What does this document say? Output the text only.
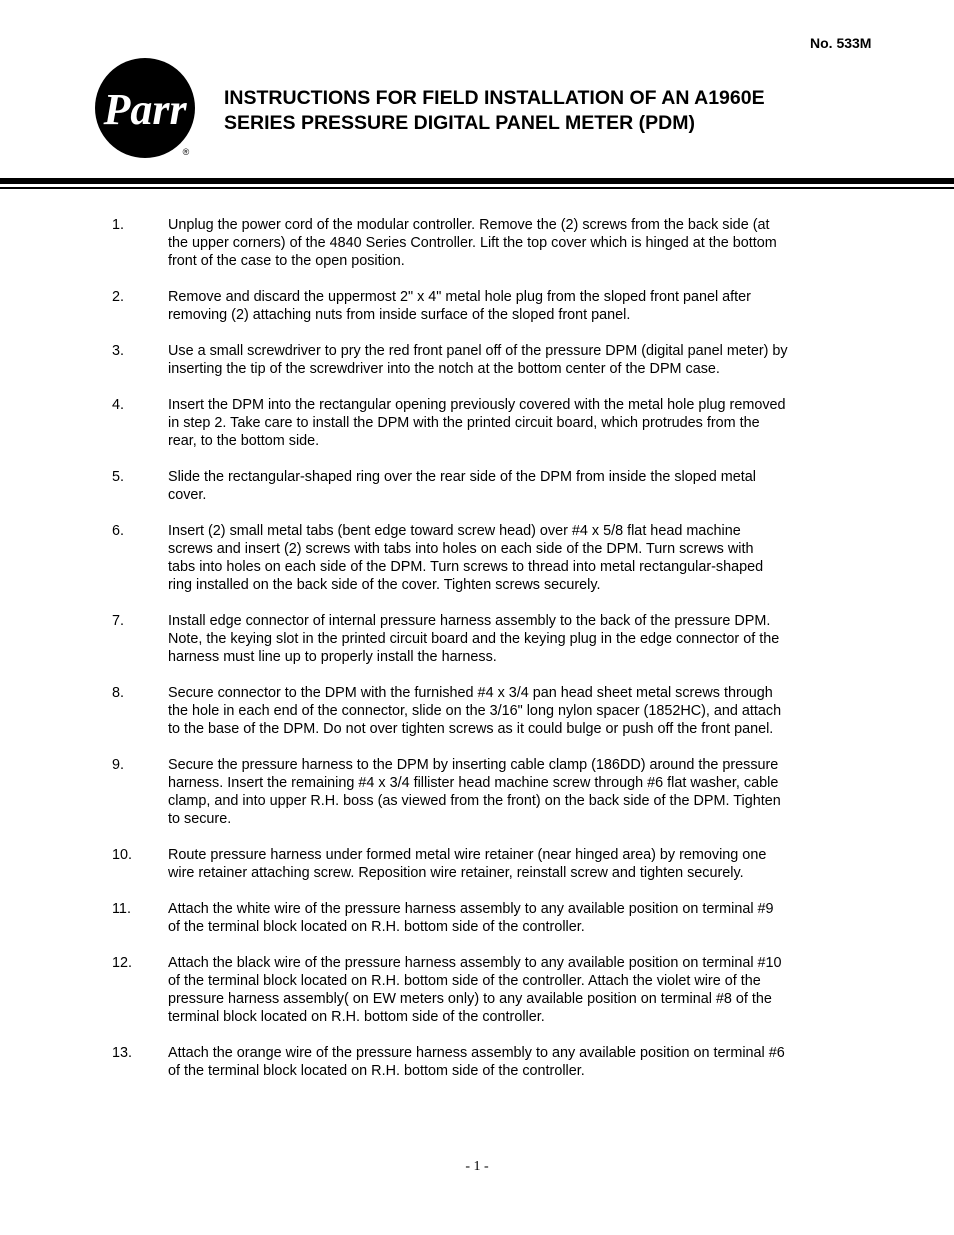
No. 533M
Parr
®
INSTRUCTIONS FOR FIELD INSTALLATION OF AN A1960E
SERIES PRESSURE DIGITAL PANEL METER (PDM)
1.	Unplug the power cord of the modular controller. Remove the (2) screws from the back side (at
the upper corners) of the 4840 Series Controller. Lift the top cover which is hinged at the bottom
front of the case to the open position.
2.	Remove and discard the uppermost 2" x 4" metal hole plug from the sloped front panel after
removing (2) attaching nuts from inside surface of the sloped front panel.
3.	Use a small screwdriver to pry the red front panel off of the pressure DPM (digital panel meter) by
inserting the tip of the screwdriver into the notch at the bottom center of the DPM case.
4.	Insert the DPM into the rectangular opening previously covered with the metal hole plug removed
in step 2. Take care to install the DPM with the printed circuit board, which protrudes from the
rear, to the bottom side.
5.	Slide the rectangular-shaped ring over the rear side of the DPM from inside the sloped metal
cover.
6.	Insert (2) small metal tabs (bent edge toward screw head) over #4 x 5/8 flat head machine
screws and insert (2) screws with tabs into holes on each side of the DPM. Turn screws with
tabs into holes on each side of the DPM. Turn screws to thread into metal rectangular-shaped
ring installed on the back side of the cover. Tighten screws securely.
7.	Install edge connector of internal pressure harness assembly to the back of the pressure DPM.
Note, the keying slot in the printed circuit board and the keying plug in the edge connector of the
harness must line up to properly install the harness.
8.	Secure connector to the DPM with the furnished #4 x 3/4 pan head sheet metal screws through
the hole in each end of the connector, slide on the 3/16" long nylon spacer (1852HC), and attach
to the base of the DPM. Do not over tighten screws as it could bulge or push off the front panel.
9.	Secure the pressure harness to the DPM by inserting cable clamp (186DD) around the pressure
harness. Insert the remaining #4 x 3/4 fillister head machine screw through #6 flat washer, cable
clamp, and into upper R.H. boss (as viewed from the front) on the back side of the DPM. Tighten
to secure.
10. Route pressure harness under formed metal wire retainer (near hinged area) by removing one
wire retainer attaching screw. Reposition wire retainer, reinstall screw and tighten securely.
11.	Attach the white wire of the pressure harness assembly to any available position on terminal #9
of the terminal block located on R.H. bottom side of the controller.
12. Attach the black wire of the pressure harness assembly to any available position on terminal #10
of the terminal block located on R.H. bottom side of the controller. Attach the violet wire of the
pressure harness assembly( on EW meters only) to any available position on terminal #8 of the
terminal block located on R.H. bottom side of the controller.
13. Attach the orange wire of the pressure harness assembly to any available position on terminal #6
of the terminal block located on R.H. bottom side of the controller.
- 1 -
